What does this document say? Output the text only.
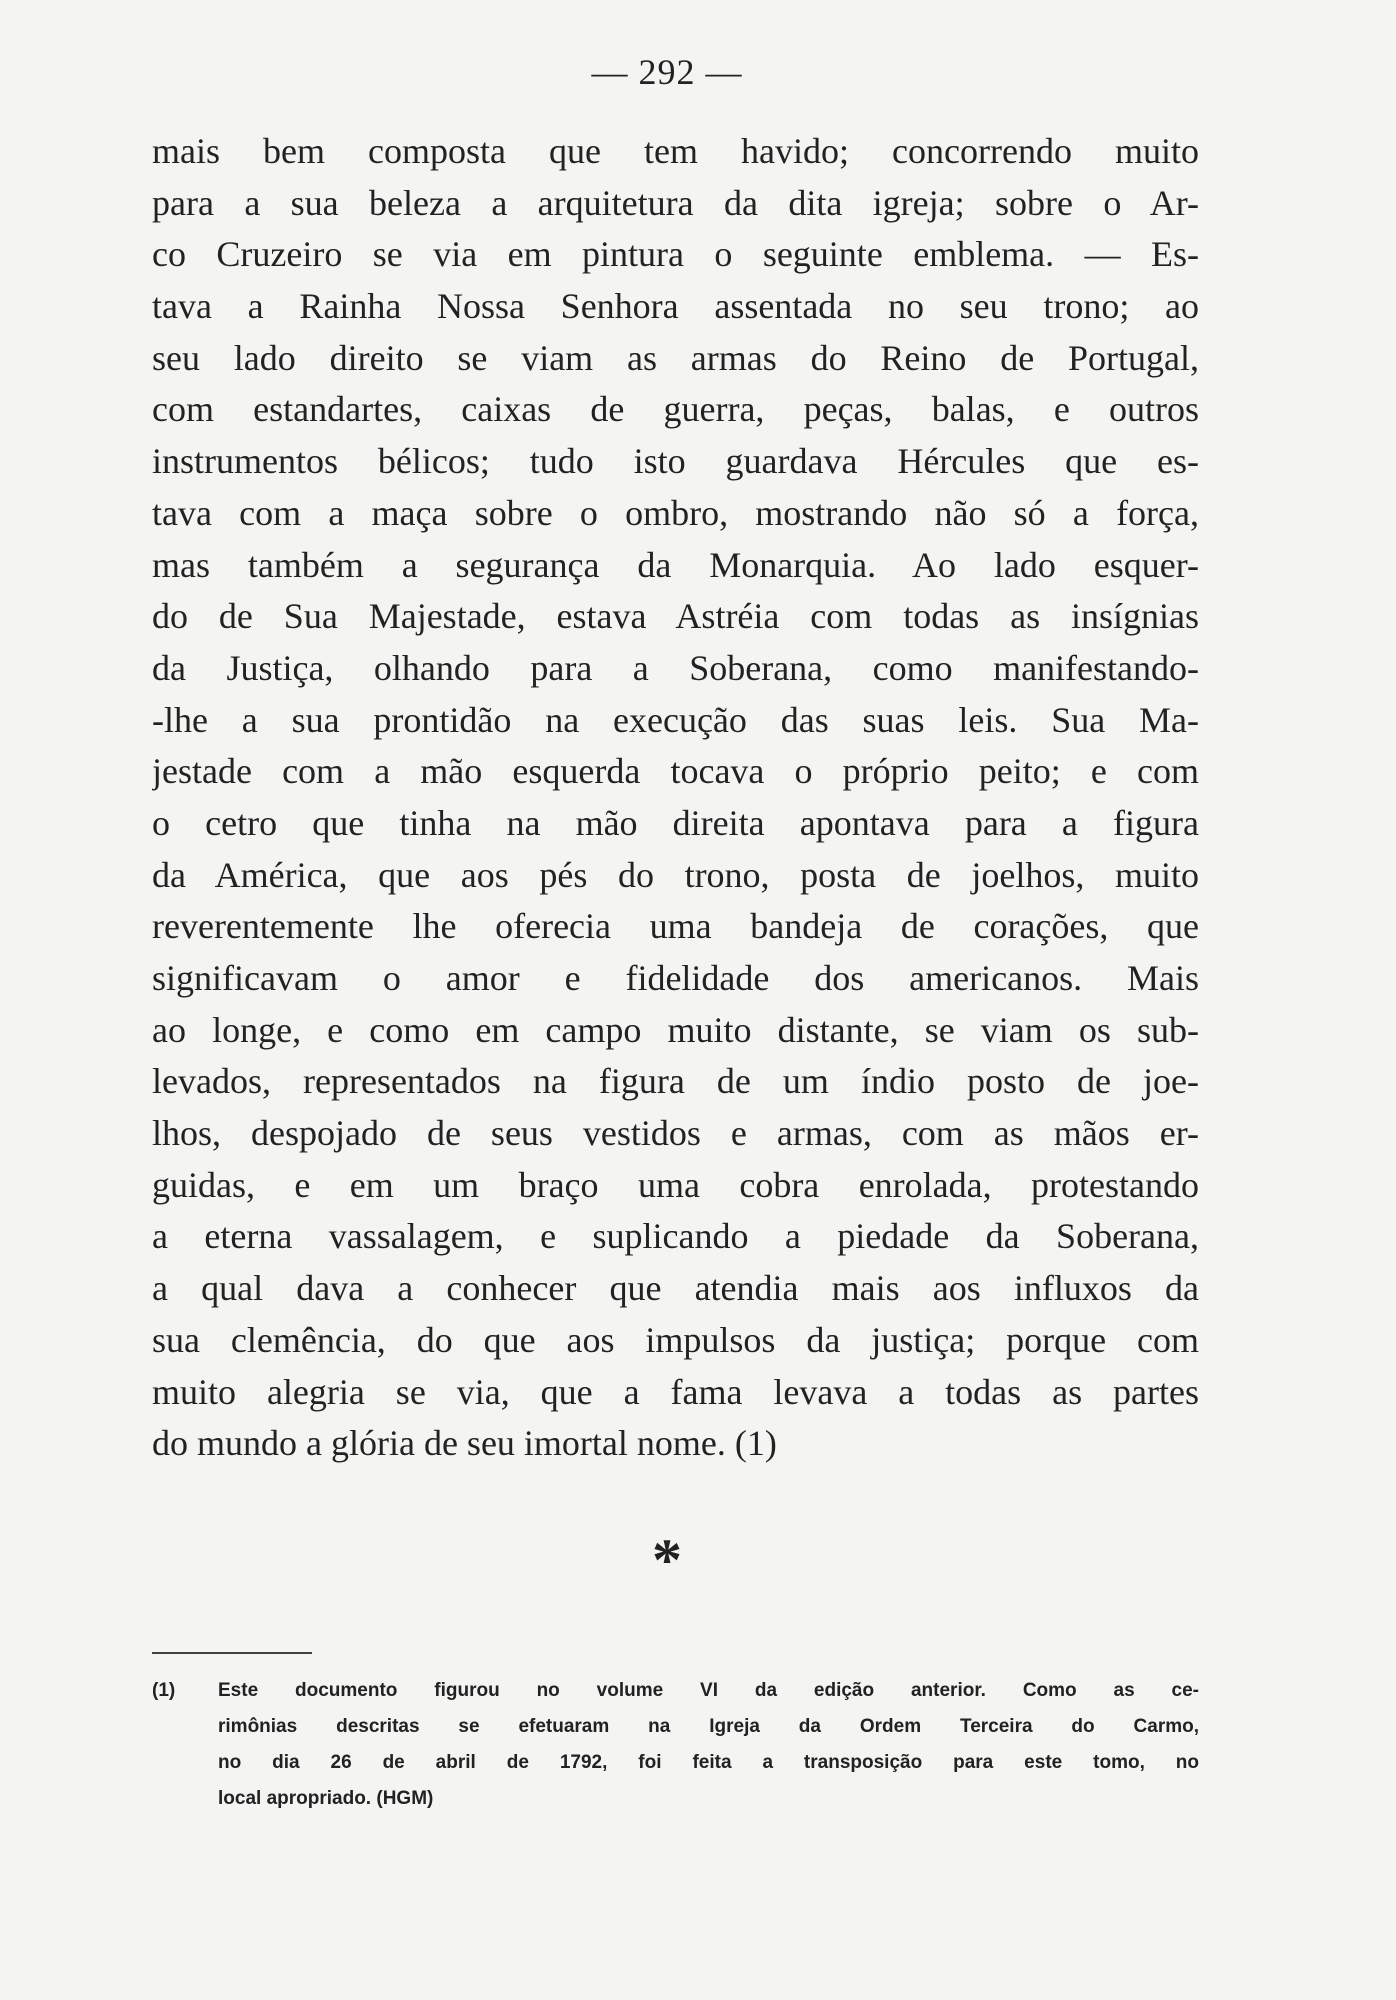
— 292 —
mais bem composta que tem havido; concorrendo muito
para a sua beleza a arquitetura da dita igreja; sobre o Ar-
co Cruzeiro se via em pintura o seguinte emblema. — Es-
tava a Rainha Nossa Senhora assentada no seu trono; ao
seu lado direito se viam as armas do Reino de Portugal,
com estandartes, caixas de guerra, peças, balas, e outros
instrumentos bélicos; tudo isto guardava Hércules que es-
tava com a maça sobre o ombro, mostrando não só a força,
mas também a segurança da Monarquia. Ao lado esquer-
do de Sua Majestade, estava Astréia com todas as insígnias
da Justiça, olhando para a Soberana, como manifestando-
-lhe a sua prontidão na execução das suas leis. Sua Ma-
jestade com a mão esquerda tocava o próprio peito; e com
o cetro que tinha na mão direita apontava para a figura
da América, que aos pés do trono, posta de joelhos, muito
reverentemente lhe oferecia uma bandeja de corações, que
significavam o amor e fidelidade dos americanos. Mais
ao longe, e como em campo muito distante, se viam os sub-
levados, representados na figura de um índio posto de joe-
lhos, despojado de seus vestidos e armas, com as mãos er-
guidas, e em um braço uma cobra enrolada, protestando
a eterna vassalagem, e suplicando a piedade da Soberana,
a qual dava a conhecer que atendia mais aos influxos da
sua clemência, do que aos impulsos da justiça; porque com
muito alegria se via, que a fama levava a todas as partes
do mundo a glória de seu imortal nome. (1)
*
(1)	Este documento figurou no volume VI da edição anterior. Como as ce-
rimônias descritas se efetuaram na Igreja da Ordem Terceira do Carmo,
no dia 26 de abril de 1792, foi feita a transposição para este tomo, no
local apropriado. (HGM)
